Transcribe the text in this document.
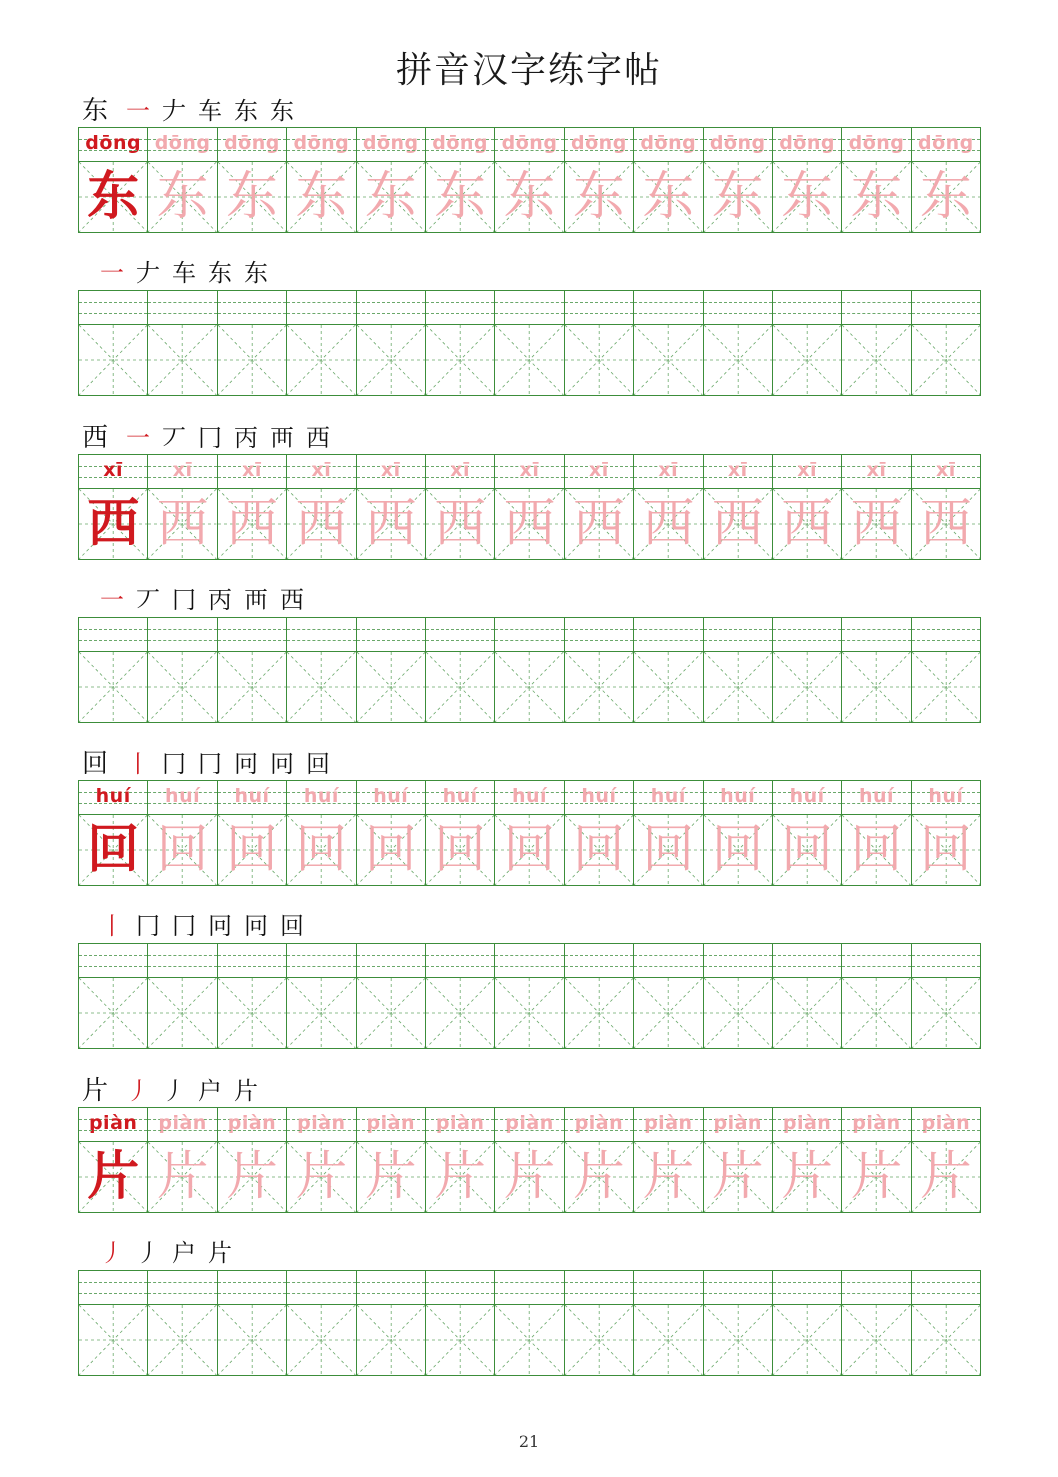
拼音汉字练字帖
东 一 𠂇 车 东 东
dōng
东
dōng
东
dōng
东
dōng
东
dōng
东
dōng
东
dōng
东
dōng
东
dōng
东
dōng
东
dōng
东
dōng
东
dōng
东
一 𠂇 车 东 东
西 一 丆 冂 丙 襾 西
xī
西
xī
西
xī
西
xī
西
xī
西
xī
西
xī
西
xī
西
xī
西
xī
西
xī
西
xī
西
xī
西
一 丆 冂 丙 襾 西
回 丨 冂 冂 冋 冋 回
huí
回
huí
回
huí
回
huí
回
huí
回
huí
回
huí
回
huí
回
huí
回
huí
回
huí
回
huí
回
huí
回
丨 冂 冂 冋 冋 回
片 丿 丿 户 片
piàn
片
piàn
片
piàn
片
piàn
片
piàn
片
piàn
片
piàn
片
piàn
片
piàn
片
piàn
片
piàn
片
piàn
片
piàn
片
丿 丿 户 片
21
